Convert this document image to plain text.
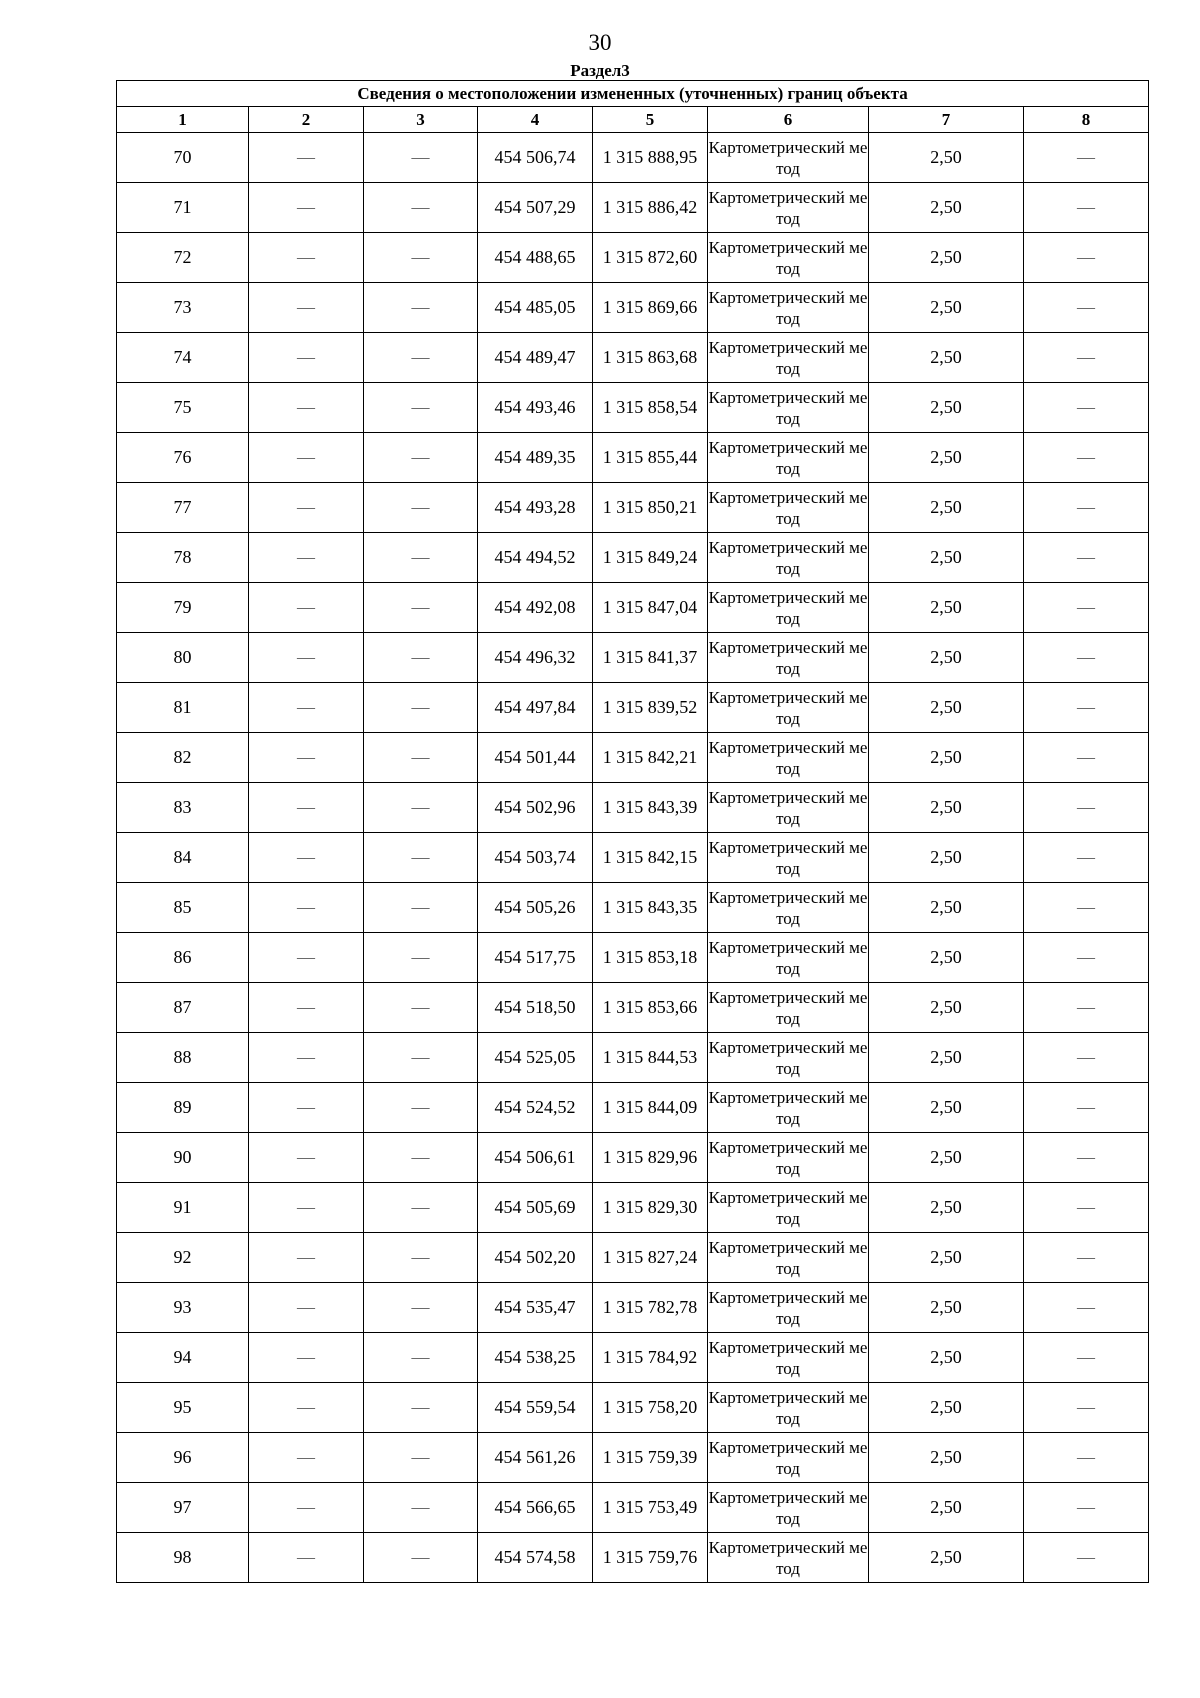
30
Раздел3
Сведения о местоположении измененных (уточненных) границ объекта							
1	2	3	4	5	6	7	8
70	—	—	454 506,74	1 315 888,95	Картометрический метод	2,50	—
71	—	—	454 507,29	1 315 886,42	Картометрический метод	2,50	—
72	—	—	454 488,65	1 315 872,60	Картометрический метод	2,50	—
73	—	—	454 485,05	1 315 869,66	Картометрический метод	2,50	—
74	—	—	454 489,47	1 315 863,68	Картометрический метод	2,50	—
75	—	—	454 493,46	1 315 858,54	Картометрический метод	2,50	—
76	—	—	454 489,35	1 315 855,44	Картометрический метод	2,50	—
77	—	—	454 493,28	1 315 850,21	Картометрический метод	2,50	—
78	—	—	454 494,52	1 315 849,24	Картометрический метод	2,50	—
79	—	—	454 492,08	1 315 847,04	Картометрический метод	2,50	—
80	—	—	454 496,32	1 315 841,37	Картометрический метод	2,50	—
81	—	—	454 497,84	1 315 839,52	Картометрический метод	2,50	—
82	—	—	454 501,44	1 315 842,21	Картометрический метод	2,50	—
83	—	—	454 502,96	1 315 843,39	Картометрический метод	2,50	—
84	—	—	454 503,74	1 315 842,15	Картометрический метод	2,50	—
85	—	—	454 505,26	1 315 843,35	Картометрический метод	2,50	—
86	—	—	454 517,75	1 315 853,18	Картометрический метод	2,50	—
87	—	—	454 518,50	1 315 853,66	Картометрический метод	2,50	—
88	—	—	454 525,05	1 315 844,53	Картометрический метод	2,50	—
89	—	—	454 524,52	1 315 844,09	Картометрический метод	2,50	—
90	—	—	454 506,61	1 315 829,96	Картометрический метод	2,50	—
91	—	—	454 505,69	1 315 829,30	Картометрический метод	2,50	—
92	—	—	454 502,20	1 315 827,24	Картометрический метод	2,50	—
93	—	—	454 535,47	1 315 782,78	Картометрический метод	2,50	—
94	—	—	454 538,25	1 315 784,92	Картометрический метод	2,50	—
95	—	—	454 559,54	1 315 758,20	Картометрический метод	2,50	—
96	—	—	454 561,26	1 315 759,39	Картометрический метод	2,50	—
97	—	—	454 566,65	1 315 753,49	Картометрический метод	2,50	—
98	—	—	454 574,58	1 315 759,76	Картометрический метод	2,50	—
